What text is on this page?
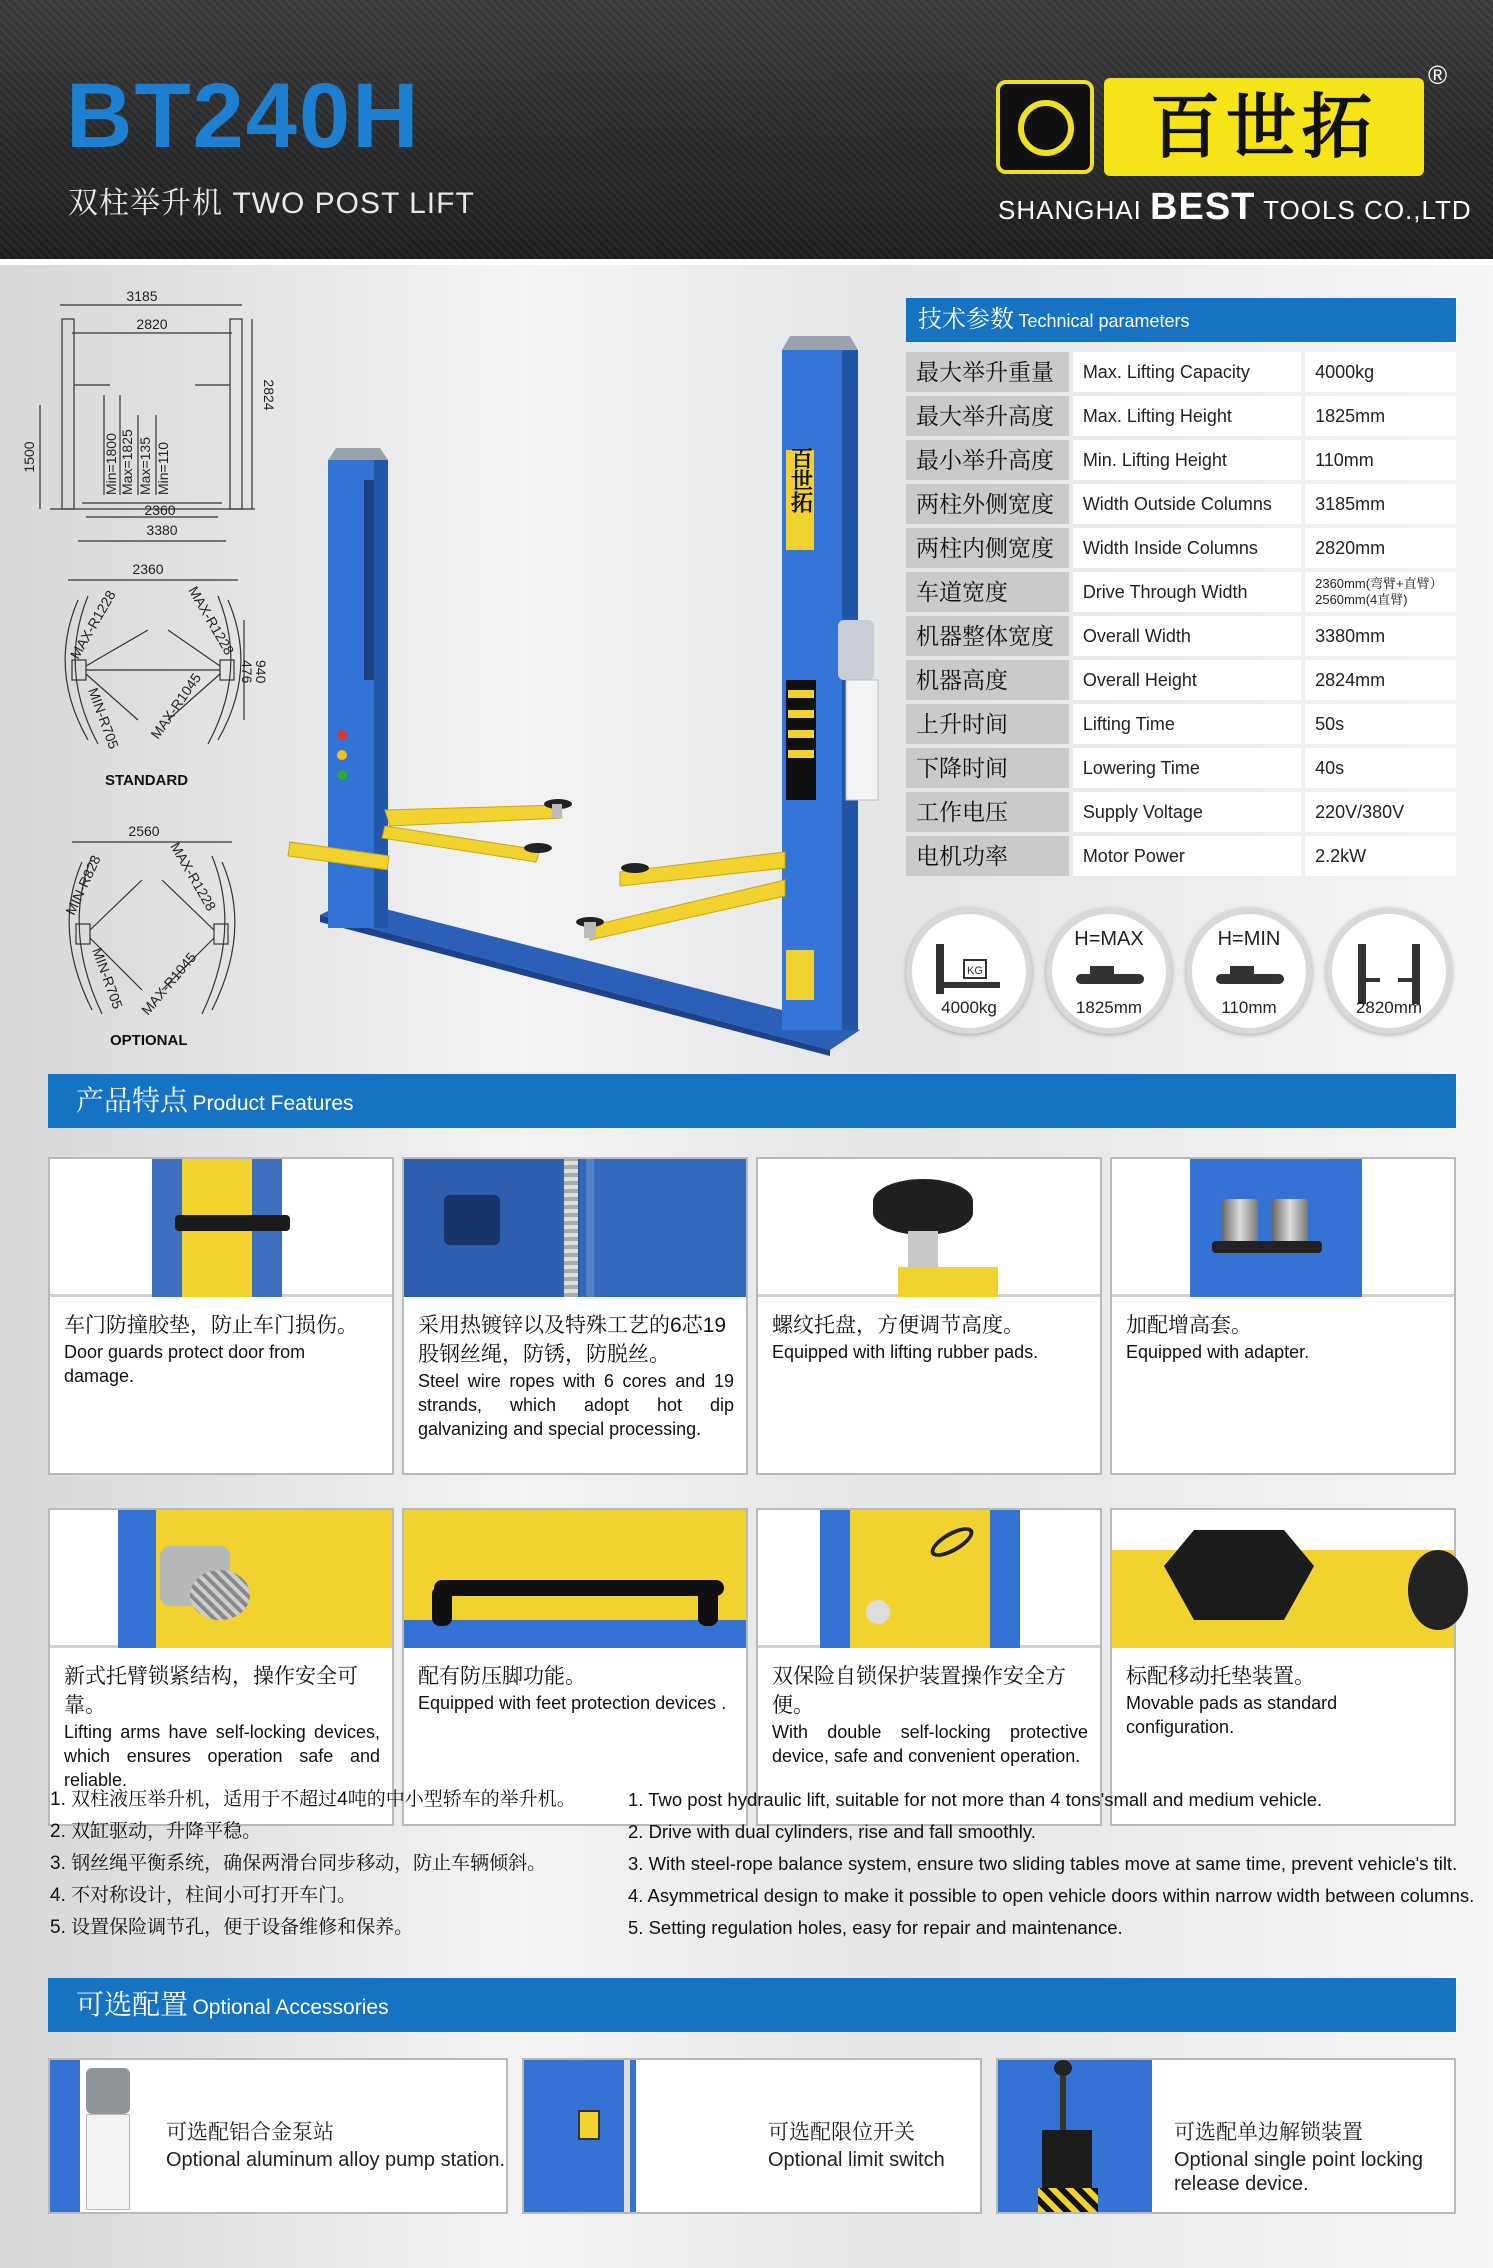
BT240H
双柱举升机 TWO POST LIFT
百世拓
®
SHANGHAI BEST TOOLS CO.,LTD
3185
2820
1500
2824
2360
3380
Min=1800 Max=1825 Max=135 Min=110
2360
MAX-R1228	MAX-R1228
MAX-R1045
MIN-R705
476
940
STANDARD
2560
MIN-R828	MAX-R1228
MIN-R705 MAX-R1045
OPTIONAL
百世拓
技术参数 Technical parameters
最大举升重量	Max. Lifting Capacity	4000kg
最大举升高度	Max. Lifting Height	1825mm
最小举升高度	Min. Lifting Height	110mm
两柱外侧宽度	Width Outside Columns	3185mm
两柱内侧宽度	Width Inside Columns	2820mm
车道宽度	Drive Through Width	2360mm(弯臂+直臂）
2560mm(4直臂)
机器整体宽度	Overall Width	3380mm
机器高度	Overall Height	2824mm
上升时间	Lifting Time	50s
下降时间	Lowering Time	40s
工作电压	Supply Voltage	220V/380V
电机功率	Motor Power	2.2kW
KG
4000kg
H=MAX
1825mm
H=MIN
110mm	2820mm
产品特点 Product Features
车门防撞胶垫，防止车门损伤。
Door guards protect door from damage.
采用热镀锌以及特殊工艺的6芯19股钢丝绳，防锈，防脱丝。
Steel wire ropes with 6 cores and 19 strands, which adopt hot dip galvanizing and special processing.
螺纹托盘，方便调节高度。
Equipped with lifting rubber pads.
加配增高套。
Equipped with adapter.
新式托臂锁紧结构，操作安全可靠。
Lifting arms have self-locking devices, which ensures operation safe and reliable.
配有防压脚功能。
Equipped with feet protection devices .
双保险自锁保护装置操作安全方便。
With double self-locking protective device, safe and convenient operation.
标配移动托垫装置。
Movable pads as standard configuration.
1. 双柱液压举升机，适用于不超过4吨的中小型轿车的举升机。
2. 双缸驱动，升降平稳。
3. 钢丝绳平衡系统，确保两滑台同步移动，防止车辆倾斜。
4. 不对称设计，柱间小可打开车门。
5. 设置保险调节孔，便于设备维修和保养。
1. Two post hydraulic lift, suitable for not more than 4 tons'small and medium vehicle.
2. Drive with dual cylinders, rise and fall smoothly.
3. With steel-rope balance system, ensure two sliding tables move at same time, prevent vehicle's tilt.
4. Asymmetrical design to make it possible to open vehicle doors within narrow width between columns.
5. Setting regulation holes, easy for repair and maintenance.
可选配置 Optional Accessories
可选配铝合金泵站
Optional aluminum alloy pump station.
可选配限位开关
Optional limit switch
可选配单边解锁装置
Optional single point locking release device.
